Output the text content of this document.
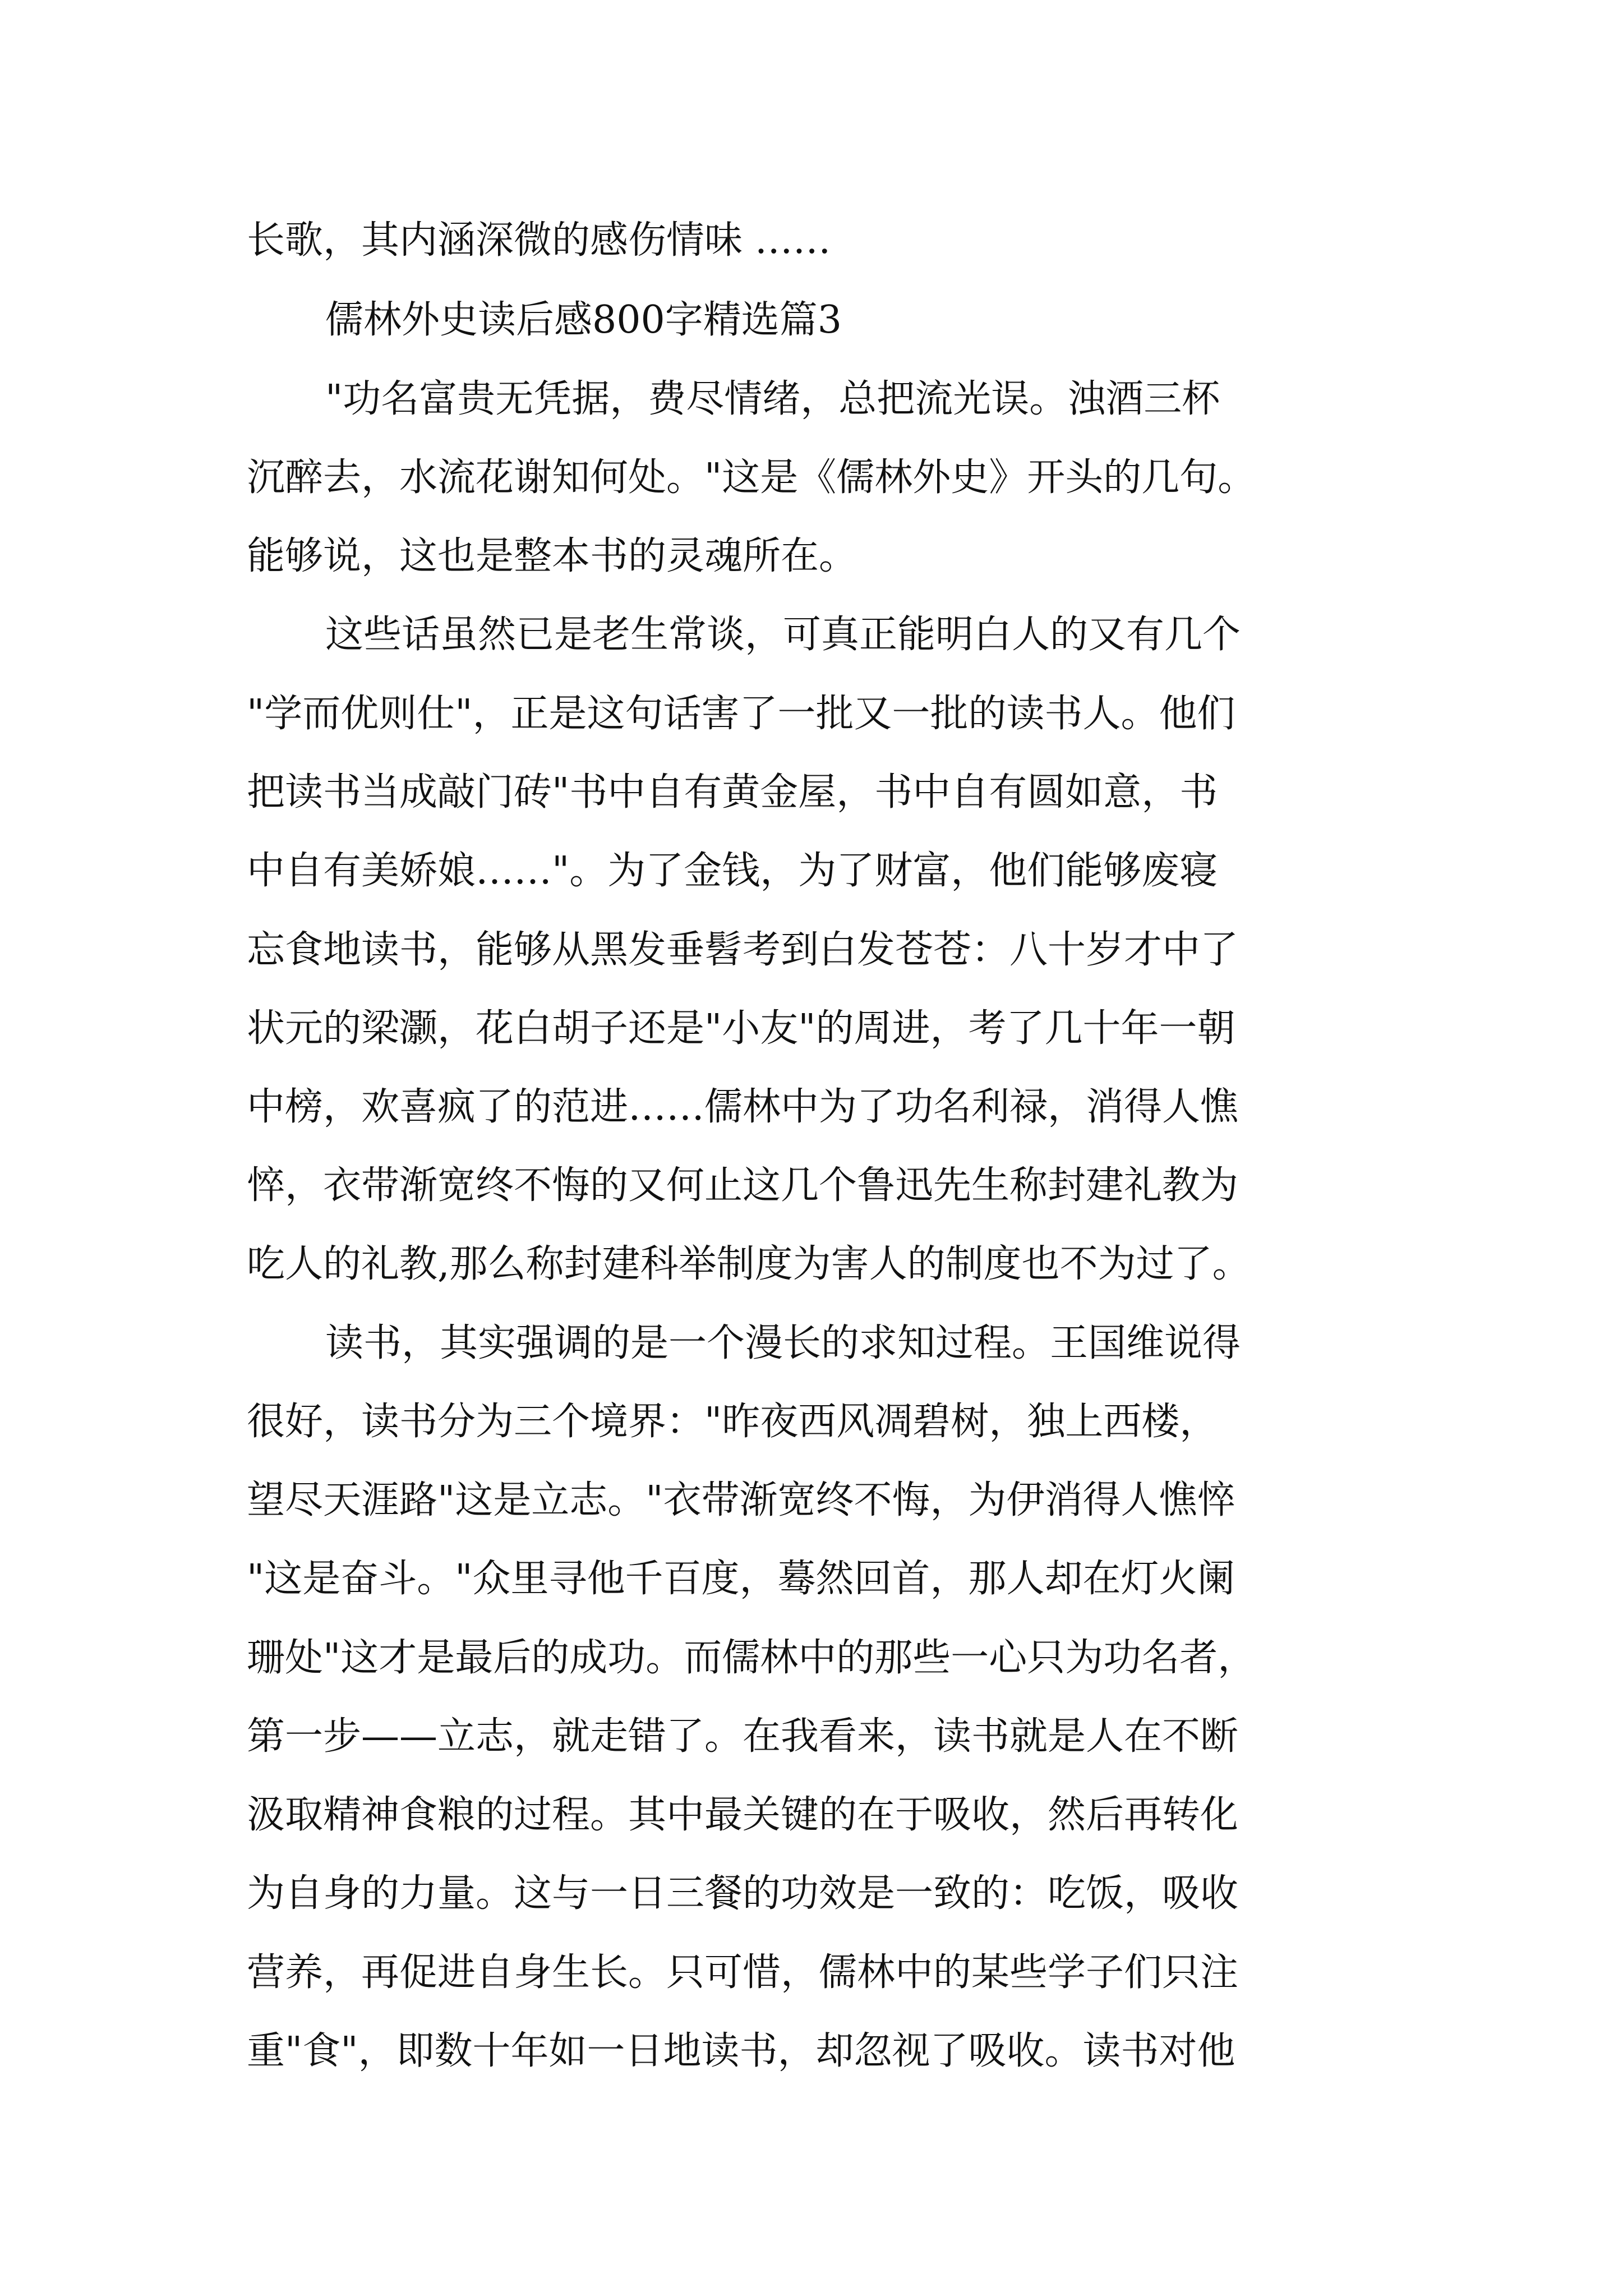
长歌，其内涵深微的感伤情味 ……
儒林外史读后感800字精选篇3
"功名富贵无凭据，费尽情绪，总把流光误。浊酒三杯
沉醉去，水流花谢知何处。"这是《儒林外史》开头的几句。
能够说，这也是整本书的灵魂所在。
这些话虽然已是老生常谈，可真正能明白人的又有几个
"学而优则仕"，正是这句话害了一批又一批的读书人。他们
把读书当成敲门砖"书中自有黄金屋，书中自有圆如意，书
中自有美娇娘……"。为了金钱，为了财富，他们能够废寝
忘食地读书，能够从黑发垂髫考到白发苍苍：八十岁才中了
状元的梁灏，花白胡子还是"小友"的周进，考了几十年一朝
中榜，欢喜疯了的范进……儒林中为了功名利禄，消得人憔
悴，衣带渐宽终不悔的又何止这几个鲁迅先生称封建礼教为
吃人的礼教,那么称封建科举制度为害人的制度也不为过了。
读书，其实强调的是一个漫长的求知过程。王国维说得
很好，读书分为三个境界："昨夜西风凋碧树，独上西楼，
望尽天涯路"这是立志。"衣带渐宽终不悔，为伊消得人憔悴
"这是奋斗。"众里寻他千百度，蓦然回首，那人却在灯火阑
珊处"这才是最后的成功。而儒林中的那些一心只为功名者，
第一步——立志，就走错了。在我看来，读书就是人在不断
汲取精神食粮的过程。其中最关键的在于吸收，然后再转化
为自身的力量。这与一日三餐的功效是一致的：吃饭，吸收
营养，再促进自身生长。只可惜，儒林中的某些学子们只注
重"食"，即数十年如一日地读书，却忽视了吸收。读书对他
